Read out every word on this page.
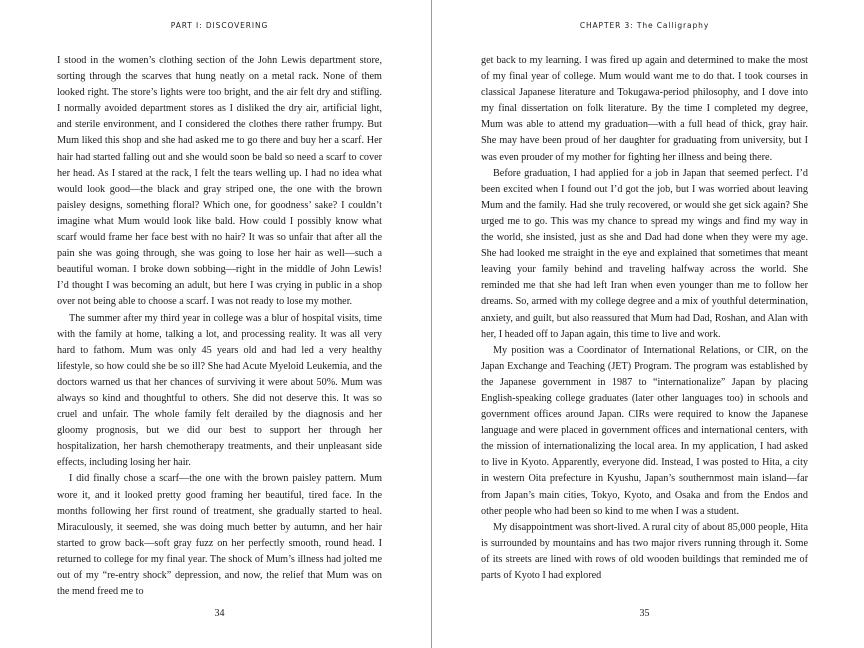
PART I: DISCOVERING

I stood in the women’s clothing section of the John Lewis department store, sorting through the scarves that hung neatly on a metal rack. None of them looked right. The store’s lights were too bright, and the air felt dry and stifling. I normally avoided department stores as I disliked the dry air, artificial light, and sterile environment, and I considered the clothes there rather frumpy. But Mum liked this shop and she had asked me to go there and buy her a scarf. Her hair had started falling out and she would soon be bald so need a scarf to cover her head. As I stared at the rack, I felt the tears welling up. I had no idea what would look good—the black and gray striped one, the one with the brown paisley designs, something floral? Which one, for goodness’ sake? I couldn’t imagine what Mum would look like bald. How could I possibly know what scarf would frame her face best with no hair? It was so unfair that after all the pain she was going through, she was going to lose her hair as well—such a beautiful woman. I broke down sobbing—right in the middle of John Lewis! I’d thought I was becoming an adult, but here I was crying in public in a shop over not being able to choose a scarf. I was not ready to lose my mother.

The summer after my third year in college was a blur of hospital visits, time with the family at home, talking a lot, and processing reality. It was all very hard to fathom. Mum was only 45 years old and had led a very healthy lifestyle, so how could she be so ill? She had Acute Myeloid Leukemia, and the doctors warned us that her chances of surviving it were about 50%. Mum was always so kind and thoughtful to others. She did not deserve this. It was so cruel and unfair. The whole family felt derailed by the diagnosis and her gloomy prognosis, but we did our best to support her through her hospitalization, her harsh chemotherapy treatments, and their unpleasant side effects, including losing her hair.

I did finally chose a scarf—the one with the brown paisley pattern. Mum wore it, and it looked pretty good framing her beautiful, tired face. In the months following her first round of treatment, she gradually started to heal. Miraculously, it seemed, she was doing much better by autumn, and her hair started to grow back—soft gray fuzz on her perfectly smooth, round head. I returned to college for my final year. The shock of Mum’s illness had jolted me out of my “re-entry shock” depression, and now, the relief that Mum was on the mend freed me to

34
CHAPTER 3: The Calligraphy

get back to my learning. I was fired up again and determined to make the most of my final year of college. Mum would want me to do that. I took courses in classical Japanese literature and Tokugawa-period philosophy, and I dove into my final dissertation on folk literature. By the time I completed my degree, Mum was able to attend my graduation—with a full head of thick, gray hair. She may have been proud of her daughter for graduating from university, but I was even prouder of my mother for fighting her illness and being there.

Before graduation, I had applied for a job in Japan that seemed perfect. I’d been excited when I found out I’d got the job, but I was worried about leaving Mum and the family. Had she truly recovered, or would she get sick again? She urged me to go. This was my chance to spread my wings and find my way in the world, she insisted, just as she and Dad had done when they were my age. She had looked me straight in the eye and explained that sometimes that meant leaving your family behind and traveling halfway across the world. She reminded me that she had left Iran when even younger than me to follow her dreams. So, armed with my college degree and a mix of youthful determination, anxiety, and guilt, but also reassured that Mum had Dad, Roshan, and Alan with her, I headed off to Japan again, this time to live and work.

My position was a Coordinator of International Relations, or CIR, on the Japan Exchange and Teaching (JET) Program. The program was established by the Japanese government in 1987 to “internationalize” Japan by placing English-speaking college graduates (later other languages too) in schools and government offices around Japan. CIRs were required to know the Japanese language and were placed in government offices and international centers, with the mission of internationalizing the local area. In my application, I had asked to live in Kyoto. Apparently, everyone did. Instead, I was posted to Hita, a city in western Oita prefecture in Kyushu, Japan’s southernmost main island—far from Japan’s main cities, Tokyo, Kyoto, and Osaka and from the Endos and other people who had been so kind to me when I was a student.

My disappointment was short-lived. A rural city of about 85,000 people, Hita is surrounded by mountains and has two major rivers running through it. Some of its streets are lined with rows of old wooden buildings that reminded me of parts of Kyoto I had explored

35
